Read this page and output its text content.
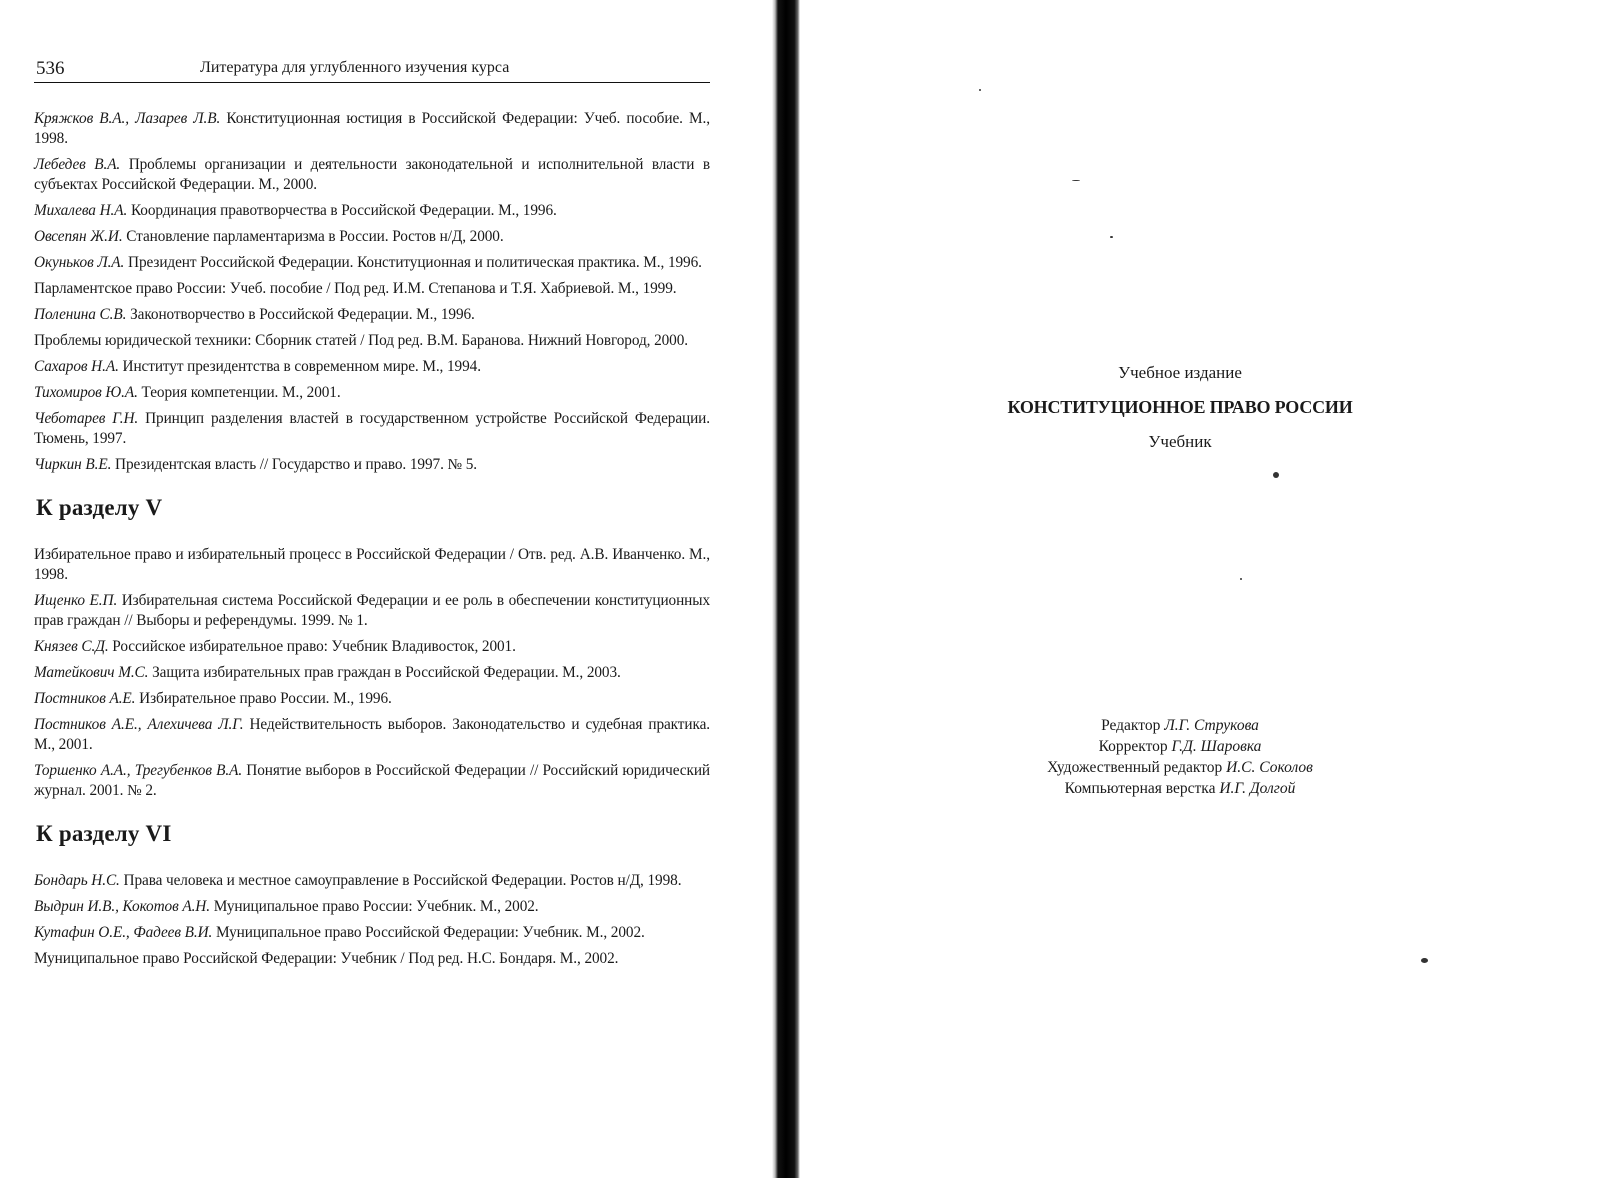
536	Литература для углубленного изучения курса

Кряжков В.А., Лазарев Л.В. Конституционная юстиция в Российской Федерации: Учеб. пособие. М., 1998.

Лебедев В.А. Проблемы организации и деятельности законодательной и исполнительной власти в субъектах Российской Федерации. М., 2000.

Михалева Н.А. Координация правотворчества в Российской Федерации. М., 1996.

Овсепян Ж.И. Становление парламентаризма в России. Ростов н/Д, 2000.

Окуньков Л.А. Президент Российской Федерации. Конституционная и политическая практика. М., 1996.

Парламентское право России: Учеб. пособие / Под ред. И.М. Степанова и Т.Я. Хабриевой. М., 1999.

Поленина С.В. Законотворчество в Российской Федерации. М., 1996.

Проблемы юридической техники: Сборник статей / Под ред. В.М. Баранова. Нижний Новгород, 2000.

Сахаров Н.А. Институт президентства в современном мире. М., 1994.

Тихомиров Ю.А. Теория компетенции. М., 2001.

Чеботарев Г.Н. Принцип разделения властей в государственном устройстве Российской Федерации. Тюмень, 1997.

Чиркин В.Е. Президентская власть // Государство и право. 1997. № 5.

К разделу V

Избирательное право и избирательный процесс в Российской Федерации / Отв. ред. А.В. Иванченко. М., 1998.

Ищенко Е.П. Избирательная система Российской Федерации и ее роль в обеспечении конституционных прав граждан // Выборы и референдумы. 1999. № 1.

Князев С.Д. Российское избирательное право: Учебник Владивосток, 2001.

Матейкович М.С. Защита избирательных прав граждан в Российской Федерации. М., 2003.

Постников А.Е. Избирательное право России. М., 1996.

Постников А.Е., Алехичева Л.Г. Недействительность выборов. Законодательство и судебная практика. М., 2001.

Торшенко А.А., Трегубенков В.А. Понятие выборов в Российской Федерации // Российский юридический журнал. 2001. № 2.

К разделу VI

Бондарь Н.С. Права человека и местное самоуправление в Российской Федерации. Ростов н/Д, 1998.

Выдрин И.В., Кокотов А.Н. Муниципальное право России: Учебник. М., 2002.

Кутафин О.Е., Фадеев В.И. Муниципальное право Российской Федерации: Учебник. М., 2002.

Муниципальное право Российской Федерации: Учебник / Под ред. Н.С. Бондаря. М., 2002.

Учебное издание
КОНСТИТУЦИОННОЕ ПРАВО РОССИИ
Учебник
Редактор Л.Г. Струкова
Корректор Г.Д. Шаровка
Художественный редактор И.С. Соколов
Компьютерная верстка И.Г. Долгой
